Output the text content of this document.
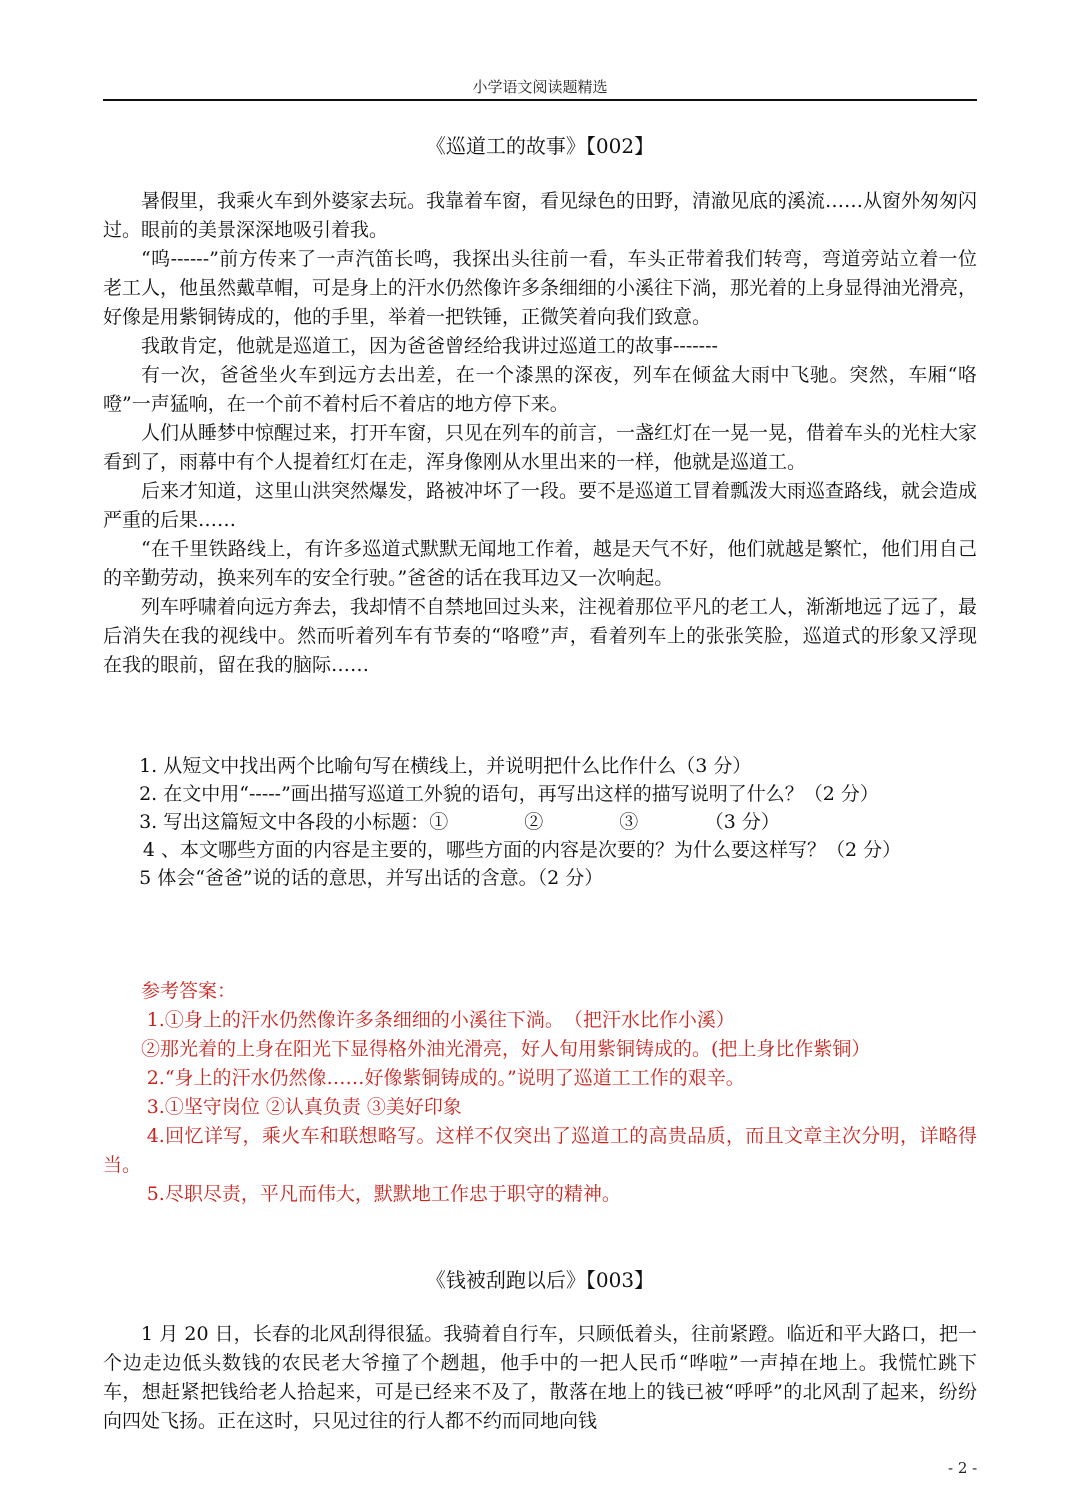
小学语文阅读题精选
《巡道工的故事》【002】

暑假里，我乘火车到外婆家去玩。我靠着车窗，看见绿色的田野，清澈见底的溪流……从窗外匆匆闪过。眼前的美景深深地吸引着我。

“呜------”前方传来了一声汽笛长鸣，我探出头往前一看，车头正带着我们转弯，弯道旁站立着一位老工人，他虽然戴草帽，可是身上的汗水仍然像许多条细细的小溪往下淌，那光着的上身显得油光滑亮，好像是用紫铜铸成的，他的手里，举着一把铁锤，正微笑着向我们致意。

我敢肯定，他就是巡道工，因为爸爸曾经给我讲过巡道工的故事-------

有一次，爸爸坐火车到远方去出差，在一个漆黑的深夜，列车在倾盆大雨中飞驰。突然，车厢“咯噔”一声猛响，在一个前不着村后不着店的地方停下来。

人们从睡梦中惊醒过来，打开车窗，只见在列车的前言，一盏红灯在一晃一晃，借着车头的光柱大家看到了，雨幕中有个人提着红灯在走，浑身像刚从水里出来的一样，他就是巡道工。

后来才知道，这里山洪突然爆发，路被冲坏了一段。要不是巡道工冒着瓢泼大雨巡查路线，就会造成严重的后果……

“在千里铁路线上，有许多巡道式默默无闻地工作着，越是天气不好，他们就越是繁忙，他们用自己的辛勤劳动，换来列车的安全行驶。”爸爸的话在我耳边又一次响起。

列车呼啸着向远方奔去，我却情不自禁地回过头来，注视着那位平凡的老工人，渐渐地远了远了，最后消失在我的视线中。然而听着列车有节奏的“咯噔”声，看着列车上的张张笑脸，巡道式的形象又浮现在我的眼前，留在我的脑际……

1. 从短文中找出两个比喻句写在横线上，并说明把什么比作什么（3 分）

2. 在文中用“-----”画出描写巡道工外貌的语句，再写出这样的描写说明了什么？（2 分）

3. 写出这篇短文中各段的小标题：①　　　　②　　　　③　　　　（3 分）

4 、本文哪些方面的内容是主要的，哪些方面的内容是次要的？为什么要这样写？（2 分）

5 体会“爸爸”说的话的意思，并写出话的含意。（2 分）

参考答案：

1.①身上的汗水仍然像许多条细细的小溪往下淌。　（把汗水比作小溪）

②那光着的上身在阳光下显得格外油光滑亮，好人旬用紫铜铸成的。(把上身比作紫铜）

2.“身上的汗水仍然像……好像紫铜铸成的。”说明了巡道工工作的艰辛。

3.①坚守岗位 ②认真负责 ③美好印象

4.回忆详写，乘火车和联想略写。这样不仅突出了巡道工的高贵品质，而且文章主次分明，详略得当。

5.尽职尽责，平凡而伟大，默默地工作忠于职守的精神。

《钱被刮跑以后》【003】

1 月 20 日，长春的北风刮得很猛。我骑着自行车，只顾低着头，往前紧蹬。临近和平大路口，把一个边走边低头数钱的农民老大爷撞了个趔趄，他手中的一把人民币“哗啦”一声掉在地上。我慌忙跳下车，想赶紧把钱给老人拾起来，可是已经来不及了，散落在地上的钱已被“呼呼”的北风刮了起来，纷纷向四处飞扬。正在这时，只见过往的行人都不约而同地向钱

- 2 -
